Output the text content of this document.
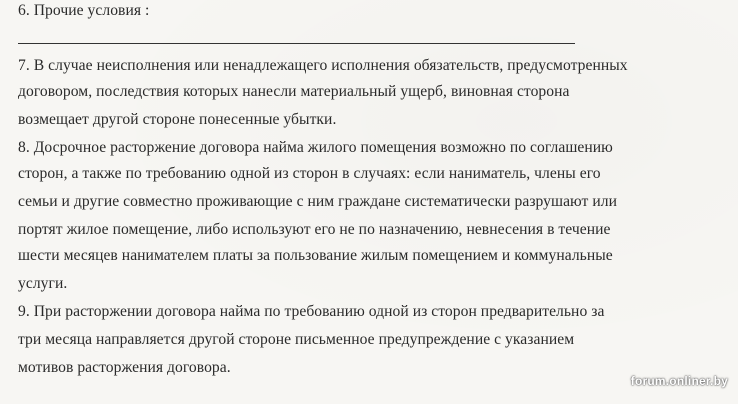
6. Прочие условия :
7. В случае неисполнения или ненадлежащего исполнения обязательств, предусмотренных
договором, последствия которых нанесли материальный ущерб, виновная сторона
возмещает другой стороне понесенные убытки.
8. Досрочное расторжение договора найма жилого помещения возможно по соглашению
сторон, а также по требованию одной из сторон в случаях: если наниматель, члены его
семьи и другие совместно проживающие с ним граждане систематически разрушают или
портят жилое помещение, либо используют его не по назначению, невнесения в течение
шести месяцев нанимателем платы за пользование жилым помещением и коммунальные
услуги.
9. При расторжении договора найма по требованию одной из сторон предварительно за
три месяца направляется другой стороне письменное предупреждение с указанием
мотивов расторжения договора.
forum.onliner.by
